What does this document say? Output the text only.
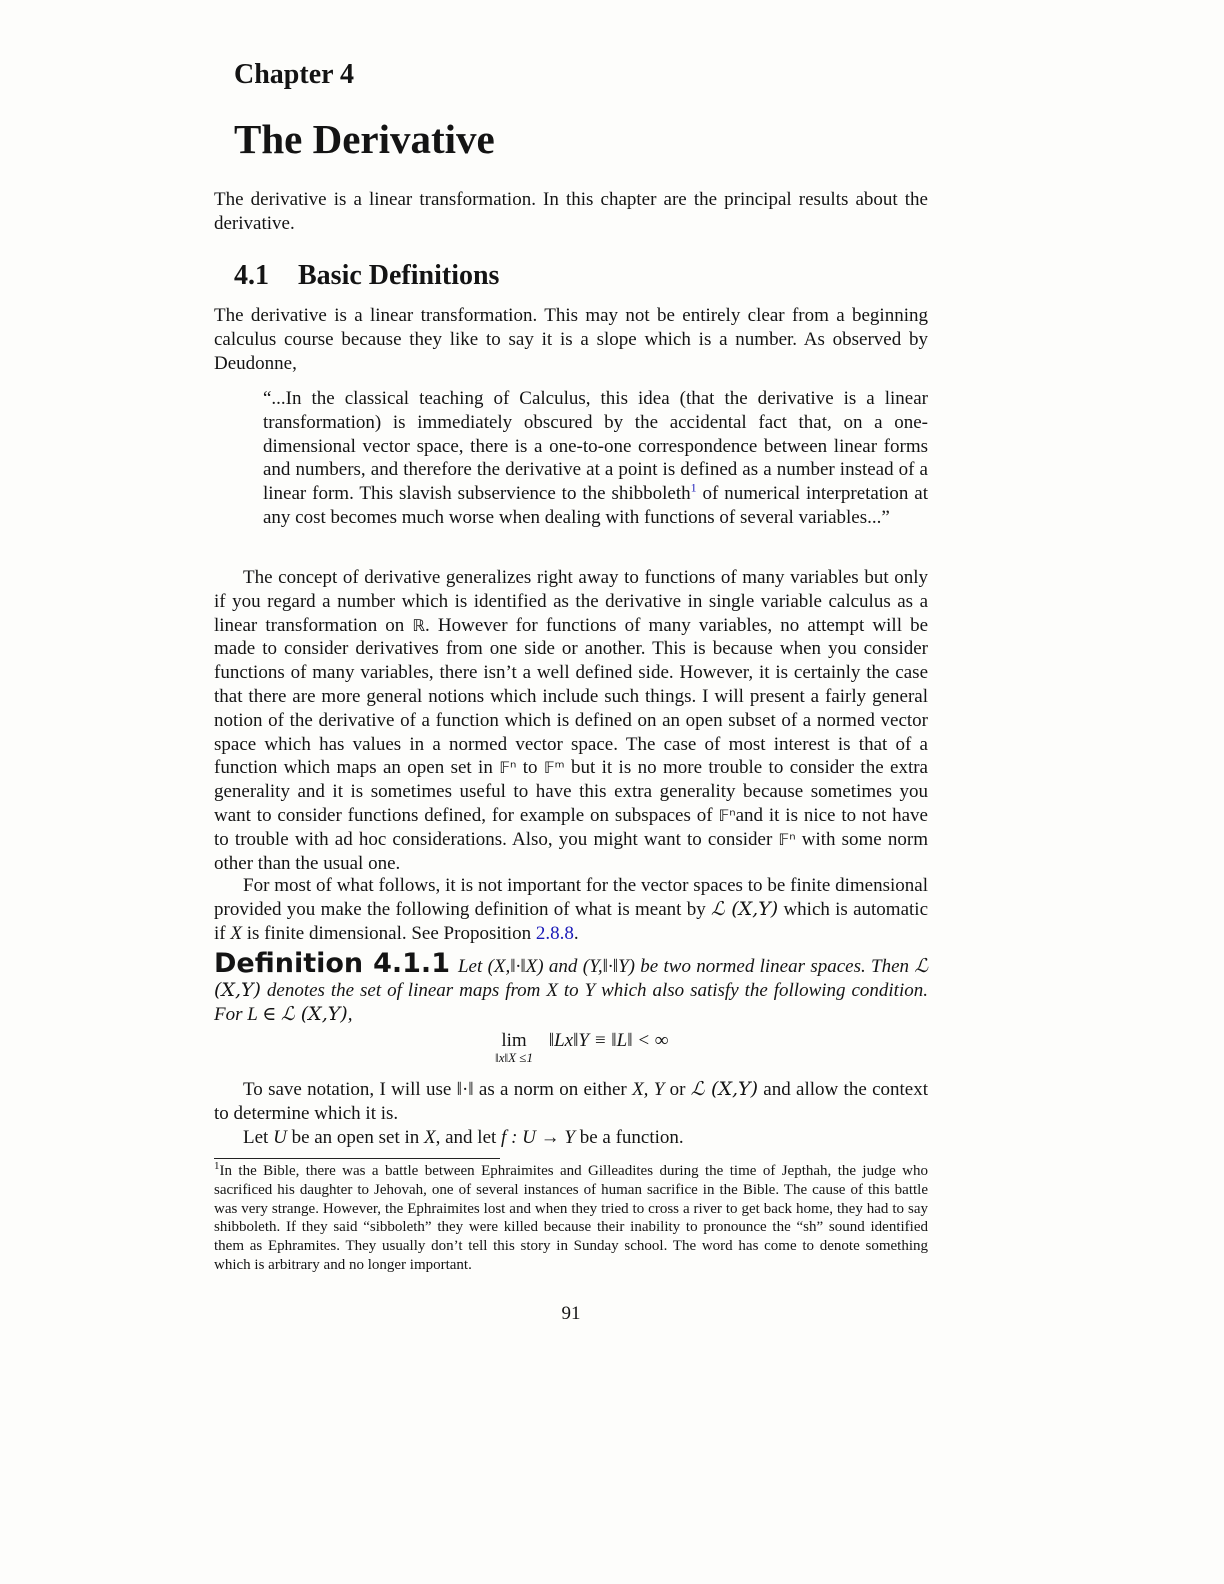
Chapter 4
The Derivative

The derivative is a linear transformation. In this chapter are the principal results about the derivative.

4.1 Basic Definitions

The derivative is a linear transformation. This may not be entirely clear from a beginning calculus course because they like to say it is a slope which is a number. As observed by Deudonne,

“...In the classical teaching of Calculus, this idea (that the derivative is a linear transformation) is immediately obscured by the accidental fact that, on a one-dimensional vector space, there is a one-to-one correspondence between linear forms and numbers, and therefore the derivative at a point is defined as a number instead of a linear form. This slavish subservience to the shibboleth$^1$ of numerical interpretation at any cost becomes much worse when dealing with functions of several variables...”

The concept of derivative generalizes right away to functions of many variables but only if you regard a number which is identified as the derivative in single variable calculus as a linear transformation on ℝ. However for functions of many variables, no attempt will be made to consider derivatives from one side or another. This is because when you consider functions of many variables, there isn’t a well defined side. However, it is certainly the case that there are more general notions which include such things. I will present a fairly general notion of the derivative of a function which is defined on an open subset of a normed vector space which has values in a normed vector space. The case of most interest is that of a function which maps an open set in 𝔽ⁿ to 𝔽ᵐ but it is no more trouble to consider the extra generality and it is sometimes useful to have this extra generality because sometimes you want to consider functions defined, for example on subspaces of 𝔽ⁿand it is nice to not have to trouble with ad hoc considerations. Also, you might want to consider 𝔽ⁿ with some norm other than the usual one.

For most of what follows, it is not important for the vector spaces to be finite dimensional provided you make the following definition of what is meant by ℒ (X,Y) which is automatic if X is finite dimensional. See Proposition 2.8.8.

Definition 4.1.1 Let (X,‖·‖X) and (Y,‖·‖Y) be two normed linear spaces. Then ℒ (X,Y) denotes the set of linear maps from X to Y which also satisfy the following condition. For L ∈ ℒ (X,Y),
lim
‖x‖X ≤1
‖Lx‖Y ≡ ‖L‖ < ∞

To save notation, I will use ‖·‖ as a norm on either X, Y or ℒ (X,Y) and allow the context to determine which it is.

Let U be an open set in X, and let f : U → Y be a function.

$^1$In the Bible, there was a battle between Ephraimites and Gilleadites during the time of Jepthah, the judge who sacrificed his daughter to Jehovah, one of several instances of human sacrifice in the Bible. The cause of this battle was very strange. However, the Ephraimites lost and when they tried to cross a river to get back home, they had to say shibboleth. If they said “sibboleth” they were killed because their inability to pronounce the “sh” sound identified them as Ephramites. They usually don’t tell this story in Sunday school. The word has come to denote something which is arbitrary and no longer important.

91
